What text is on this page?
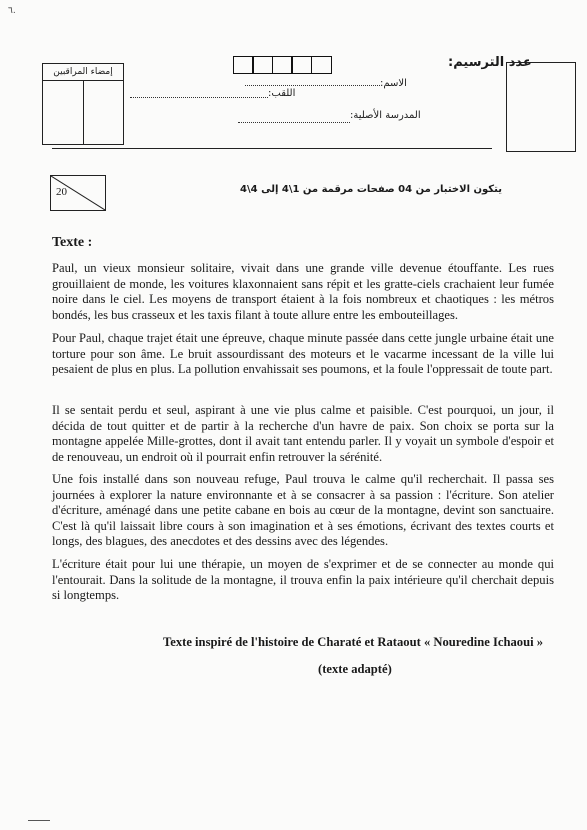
٦.
إمضاء المراقبين
عدد الترسيم:
الاسم:
اللقب:
المدرسة الأصلية:
20	يتكون الاختبار من 04 صفحات مرقمة من 1\4 إلى 4\4
Texte :

Paul, un vieux monsieur solitaire, vivait dans une grande ville devenue étouffante. Les rues grouillaient de monde, les voitures klaxonnaient sans répit et les gratte-ciels crachaient leur fumée noire dans le ciel. Les moyens de transport étaient à la fois nombreux et chaotiques : les métros bondés, les bus crasseux et les taxis filant à toute allure entre les embouteillages.

Pour Paul, chaque trajet était une épreuve, chaque minute passée dans cette jungle urbaine était une torture pour son âme. Le bruit assourdissant des moteurs et le vacarme incessant de la ville lui pesaient de plus en plus. La pollution envahissait ses poumons, et la foule l'oppressait de toute part.

Il se sentait perdu et seul, aspirant à une vie plus calme et paisible. C'est pourquoi, un jour, il décida de tout quitter et de partir à la recherche d'un havre de paix. Son choix se porta sur la montagne appelée Mille-grottes, dont il avait tant entendu parler. Il y voyait un symbole d'espoir et de renouveau, un endroit où il pourrait enfin retrouver la sérénité.

Une fois installé dans son nouveau refuge, Paul trouva le calme qu'il recherchait. Il passa ses journées à explorer la nature environnante et à se consacrer à sa passion : l'écriture. Son atelier d'écriture, aménagé dans une petite cabane en bois au cœur de la montagne, devint son sanctuaire. C'est là qu'il laissait libre cours à son imagination et à ses émotions, écrivant des textes courts et longs, des blagues, des anecdotes et des dessins avec des légendes.

L'écriture était pour lui une thérapie, un moyen de s'exprimer et de se connecter au monde qui l'entourait. Dans la solitude de la montagne, il trouva enfin la paix intérieure qu'il cherchait depuis si longtemps.

Texte inspiré de l'histoire de Charaté et Rataout « Nouredine Ichaoui »
(texte adapté)
